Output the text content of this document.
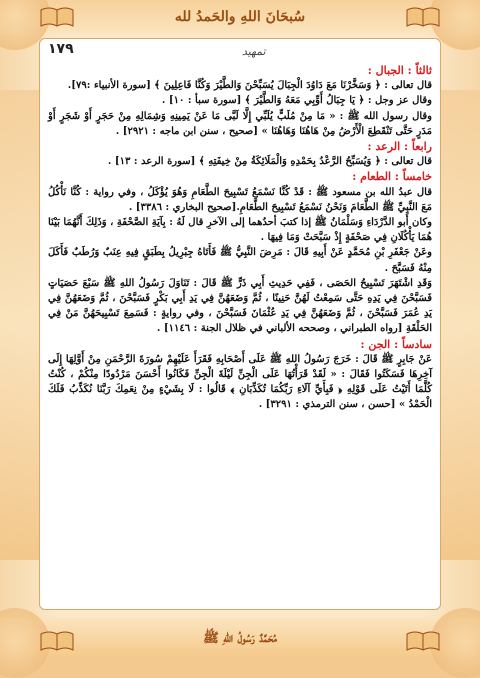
سُبحَانَ اللهِ والحَمدُ لله
مُحَمَّدٌ رَسُولُ اللهِ ﷺ
١٧٩	تمهيد
ثالثاً : الجبال :

قال تعالى : ﴿ وَسَخَّرْنَا مَعَ دَاوُدَ الْجِبَالَ يُسَبِّحْنَ وَالطَّيْرَ وَكُنَّا فَاعِلِينَ ﴾ [سورة الأنبياء :٧٩].

وقال عز وجل : ﴿ يَا جِبَالُ أَوِّبِي مَعَهُ وَالطَّيْرَ ﴾ [سورة سبأ : ١٠] .

وقال رسول الله ﷺ : « مَا مِنْ مُلَبٍّ يُلَبِّي إِلَّا لَبَّى مَا عَنْ يَمِينِهِ وَشِمَالِهِ مِنْ حَجَرٍ أَوْ شَجَرٍ أَوْ مَدَرٍ حَتَّى تَنْقَطِعَ الْأَرْضُ مِنْ هَاهُنَا وَهَاهُنَا » [صحيح ، سنن ابن ماجه : ٢٩٢١] .

رابعاً : الرعد :

قال تعالى : ﴿ وَيُسَبِّحُ الرَّعْدُ بِحَمْدِهِ وَالْمَلَائِكَةُ مِنْ خِيفَتِهِ ﴾ [سورة الرعد : ١٣] .

خامساً : الطعام :

قال عبدُ الله بن مسعود ﷺ : قَدْ كُنَّا نَسْمَعُ تَسْبِيحَ الطَّعَامِ وَهُوَ يُؤْكَلُ ، وفي رواية : كُنَّا نَأْكُلُ مَعَ النَّبِيِّ ﷺ الطَّعَامَ وَنَحْنُ نَسْمَعُ تَسْبِيحَ الطَّعَامِ.[صحيح البخاري : ٣٣٨٦] .

وكان أَبو الدَّرْدَاءِ وَسَلْمَانُ ﷺ إذا كتبَ أحدُهما إلى الآخرِ قال لَهُ : بِآيَةِ الصَّحْفَةِ ، وَذَلِكَ أَنَّهُمَا بَيْنَا هُمَا يَأْكُلَانِ فِي صَحْفَةٍ إِذْ سَبَّحَتْ وَمَا فِيهَا .

وعَنْ جَعْفَرِ بْنِ مُحَمَّدٍ عَنْ أَبِيهِ قَالَ : مَرِضَ النَّبِيُّ ﷺ فَأَتَاهُ جِبْرِيلُ بِطَبَقٍ فِيهِ عِنَبٌ وَرُطَبٌ فَأَكَلَ مِنْهُ فَسَبَّحَ .

وَقَدِ اشْتَهَرَ تَسْبِيحُ الحَصَى ، فَفِي حَدِيثِ أَبِي ذَرٍّ ﷺ قَالَ : تَنَاوَلَ رَسُولُ اللهِ ﷺ سَبْعَ حَصَيَاتٍ فَسَبَّحْنَ فِي يَدِهِ حَتَّى سَمِعْتُ لَهُنَّ حَنِينًا ، ثُمَّ وَضَعَهُنَّ فِي يَدِ أَبِي بَكْرٍ فَسَبَّحْنَ ، ثُمَّ وَضَعَهُنَّ فِي يَدِ عُمَرَ فَسَبَّحْنَ ، ثُمَّ وَضَعَهُنَّ فِي يَدِ عُثْمَانَ فَسَبَّحْنَ ، وفي روايةٍ : فَسَمِعَ تَسْبِيحَهُنَّ مَنْ فِي الحَلْقَةِ [رواه الطبراني ، وصححه الألباني في ظلال الجنة : ١١٤٦] .

سادساً : الجن :

عَنْ جَابِرٍ ﷺ قَالَ : خَرَجَ رَسُولُ اللهِ ﷺ عَلَى أَصْحَابِهِ فَقَرَأَ عَلَيْهِمْ سُورَةَ الرَّحْمَنِ مِنْ أَوَّلِهَا إِلَى آخِرِهَا فَسَكَتُوا فَقَالَ : « لَقَدْ قَرَأْتُهَا عَلَى الْجِنِّ لَيْلَةَ الْجِنِّ فَكَانُوا أَحْسَنَ مَرْدُودًا مِنْكُمْ ، كُنْتُ كُلَّمَا أَتَيْتُ عَلَى قَوْلِهِ ﴿ فَبِأَيِّ آلَاءِ رَبِّكُمَا تُكَذِّبَانِ ﴾ قَالُوا : لَا بِشَيْءٍ مِنْ نِعَمِكَ رَبَّنَا نُكَذِّبُ فَلَكَ الْحَمْدُ » [حسن ، سنن الترمذي : ٣٢٩١] .
